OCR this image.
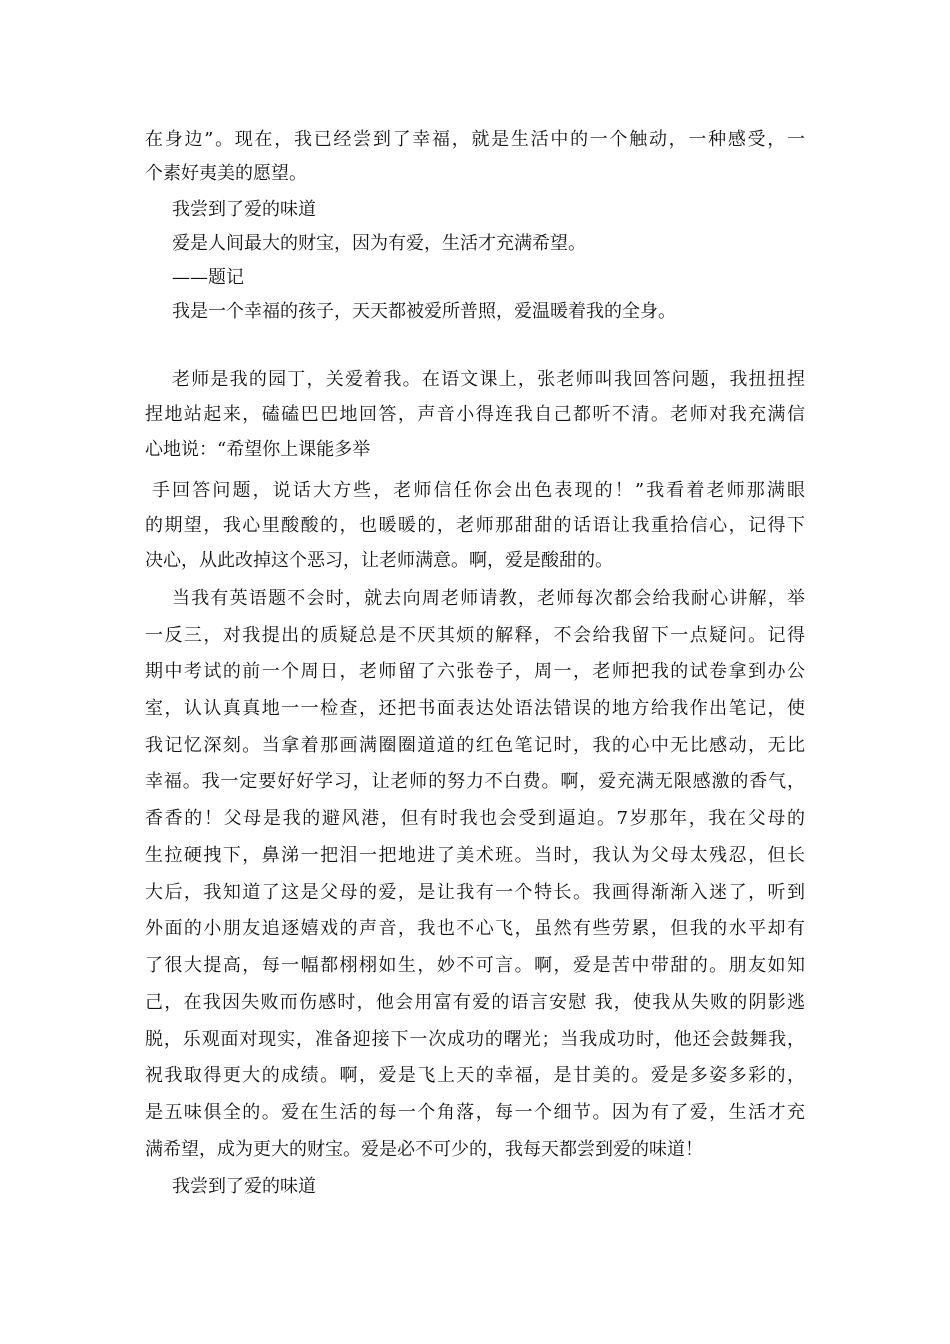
在身边”。现在，我已经尝到了幸福，就是生活中的一个触动，一种感受，一
个素好夷美的愿望。
我尝到了爱的味道
爱是人间最大的财宝，因为有爱，生活才充满希望。
——题记
我是一个幸福的孩子，天天都被爱所普照，爱温暖着我的全身。
老师是我的园丁，关爱着我。在语文课上，张老师叫我回答问题，我扭扭捏
捏地站起来，磕磕巴巴地回答，声音小得连我自己都听不清。老师对我充满信
心地说：“希望你上课能多举
手回答问题，说话大方些，老师信任你会出色表现的！”我看着老师那满眼
的期望，我心里酸酸的，也暖暖的，老师那甜甜的话语让我重拾信心，记得下
决心，从此改掉这个恶习，让老师满意。啊，爱是酸甜的。
当我有英语题不会时，就去向周老师请教，老师每次都会给我耐心讲解，举
一反三，对我提出的质疑总是不厌其烦的解释，不会给我留下一点疑问。记得
期中考试的前一个周日，老师留了六张卷子，周一，老师把我的试卷拿到办公
室，认认真真地一一检查，还把书面表达处语法错误的地方给我作出笔记，使
我记忆深刻。当拿着那画满圈圈道道的红色笔记时，我的心中无比感动，无比
幸福。我一定要好好学习，让老师的努力不白费。啊，爱充满无限感激的香气，
香香的！父母是我的避风港，但有时我也会受到逼迫。7岁那年，我在父母的
生拉硬拽下，鼻涕一把泪一把地进了美术班。当时，我认为父母太残忍，但长
大后，我知道了这是父母的爱，是让我有一个特长。我画得渐渐入迷了，听到
外面的小朋友追逐嬉戏的声音，我也不心飞，虽然有些劳累，但我的水平却有
了很大提高，每一幅都栩栩如生，妙不可言。啊，爱是苦中带甜的。朋友如知
己，在我因失败而伤感时，他会用富有爱的语言安慰 我，使我从失败的阴影逃
脱，乐观面对现实，准备迎接下一次成功的曙光；当我成功时，他还会鼓舞我，
祝我取得更大的成绩。啊，爱是飞上天的幸福，是甘美的。爱是多姿多彩的，
是五味俱全的。爱在生活的每一个角落，每一个细节。因为有了爱，生活才充
满希望，成为更大的财宝。爱是必不可少的，我每天都尝到爱的味道！
我尝到了爱的味道
